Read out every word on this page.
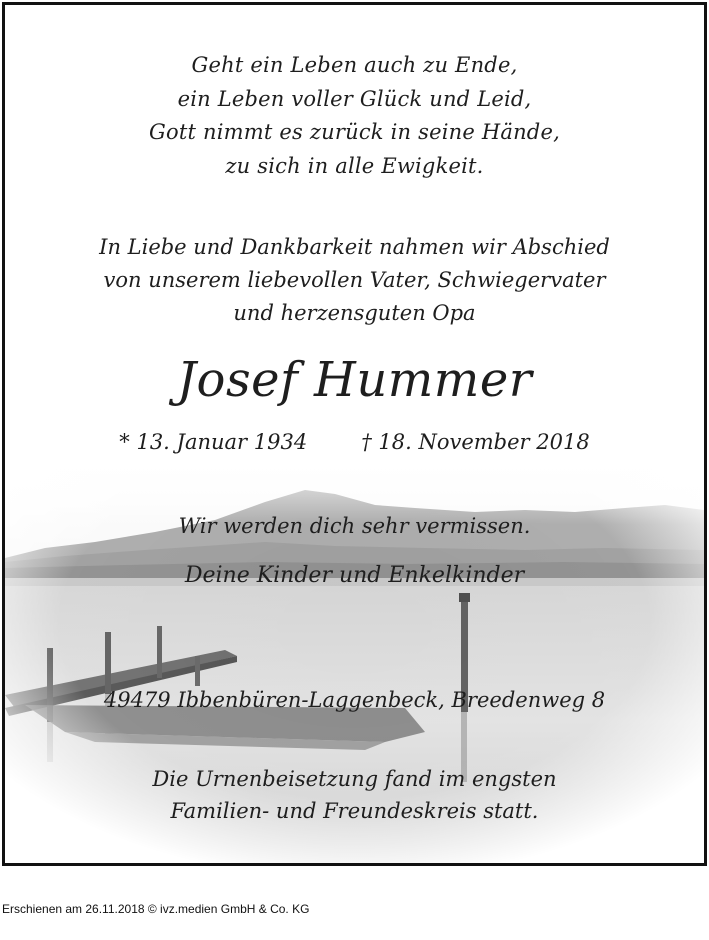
Geht ein Leben auch zu Ende,
ein Leben voller Glück und Leid,
Gott nimmt es zurück in seine Hände,
zu sich in alle Ewigkeit.
In Liebe und Dankbarkeit nahmen wir Abschied
von unserem liebevollen Vater, Schwiegervater
und herzensguten Opa
Josef Hummer
* 13. Januar 1934	† 18. November 2018
Wir werden dich sehr vermissen.
Deine Kinder und Enkelkinder
49479 Ibbenbüren-Laggenbeck, Breedenweg 8
Die Urnenbeisetzung fand im engsten
Familien- und Freundeskreis statt.
Erschienen am 26.11.2018 © ivz.medien GmbH & Co. KG
